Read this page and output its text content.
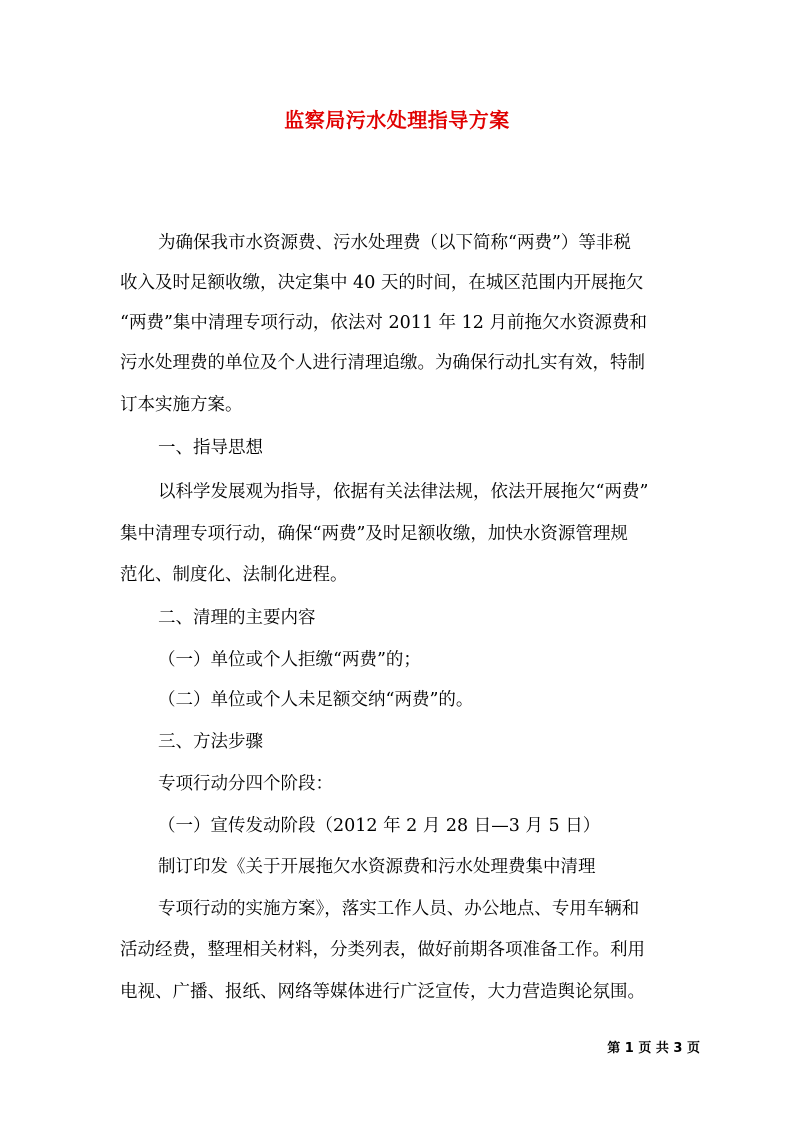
监察局污水处理指导方案

为确保我市水资源费、污水处理费（以下简称“两费”）等非税

收入及时足额收缴，决定集中 40 天的时间，在城区范围内开展拖欠

“两费”集中清理专项行动，依法对 2011 年 12 月前拖欠水资源费和

污水处理费的单位及个人进行清理追缴。为确保行动扎实有效，特制

订本实施方案。

一、指导思想

以科学发展观为指导，依据有关法律法规，依法开展拖欠“两费”

集中清理专项行动，确保“两费”及时足额收缴，加快水资源管理规

范化、制度化、法制化进程。

二、清理的主要内容

（一）单位或个人拒缴“两费”的；

（二）单位或个人未足额交纳“两费”的。

三、方法步骤

专项行动分四个阶段：

（一）宣传发动阶段（2012 年 2 月 28 日—3 月 5 日）

制订印发《关于开展拖欠水资源费和污水处理费集中清理

专项行动的实施方案》，落实工作人员、办公地点、专用车辆和

活动经费，整理相关材料，分类列表，做好前期各项准备工作。利用

电视、广播、报纸、网络等媒体进行广泛宣传，大力营造舆论氛围。

第 1 页 共 3 页
